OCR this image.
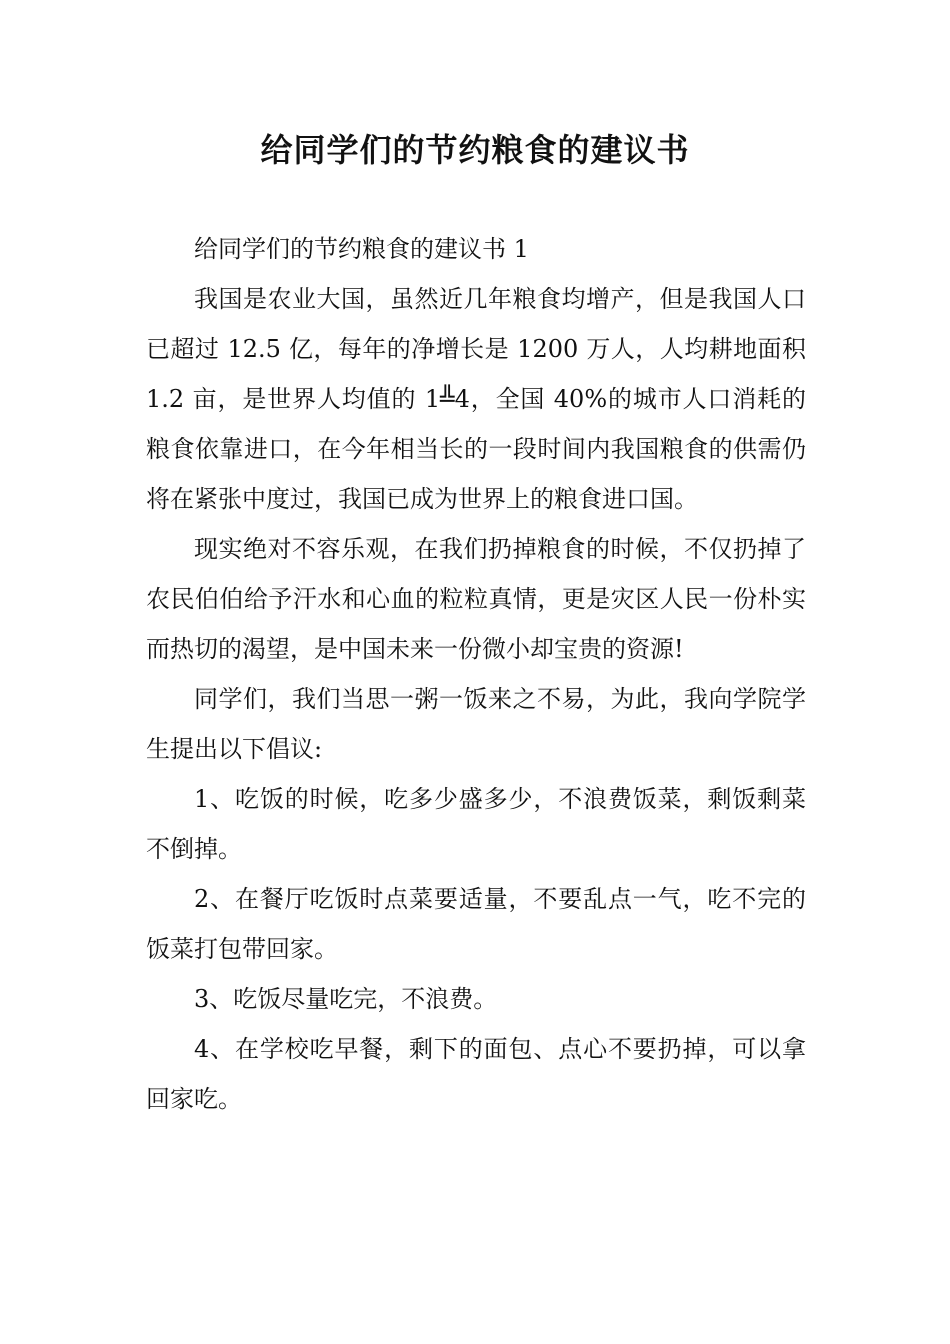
给同学们的节约粮食的建议书

给同学们的节约粮食的建议书 1

我国是农业大国，虽然近几年粮食均增产，但是我国人口已超过 12.5 亿，每年的净增长是 1200 万人，人均耕地面积 1.2 亩，是世界人均值的 1╩4，全国 40%的城市人口消耗的粮食依靠进口，在今年相当长的一段时间内我国粮食的供需仍将在紧张中度过，我国已成为世界上的粮食进口国。

现实绝对不容乐观，在我们扔掉粮食的时候，不仅扔掉了农民伯伯给予汗水和心血的粒粒真情，更是灾区人民一份朴实而热切的渴望，是中国未来一份微小却宝贵的资源!

同学们，我们当思一粥一饭来之不易，为此，我向学院学生提出以下倡议:

1、吃饭的时候，吃多少盛多少，不浪费饭菜，剩饭剩菜不倒掉。

2、在餐厅吃饭时点菜要适量，不要乱点一气，吃不完的饭菜打包带回家。

3、吃饭尽量吃完，不浪费。

4、在学校吃早餐，剩下的面包、点心不要扔掉，可以拿回家吃。
